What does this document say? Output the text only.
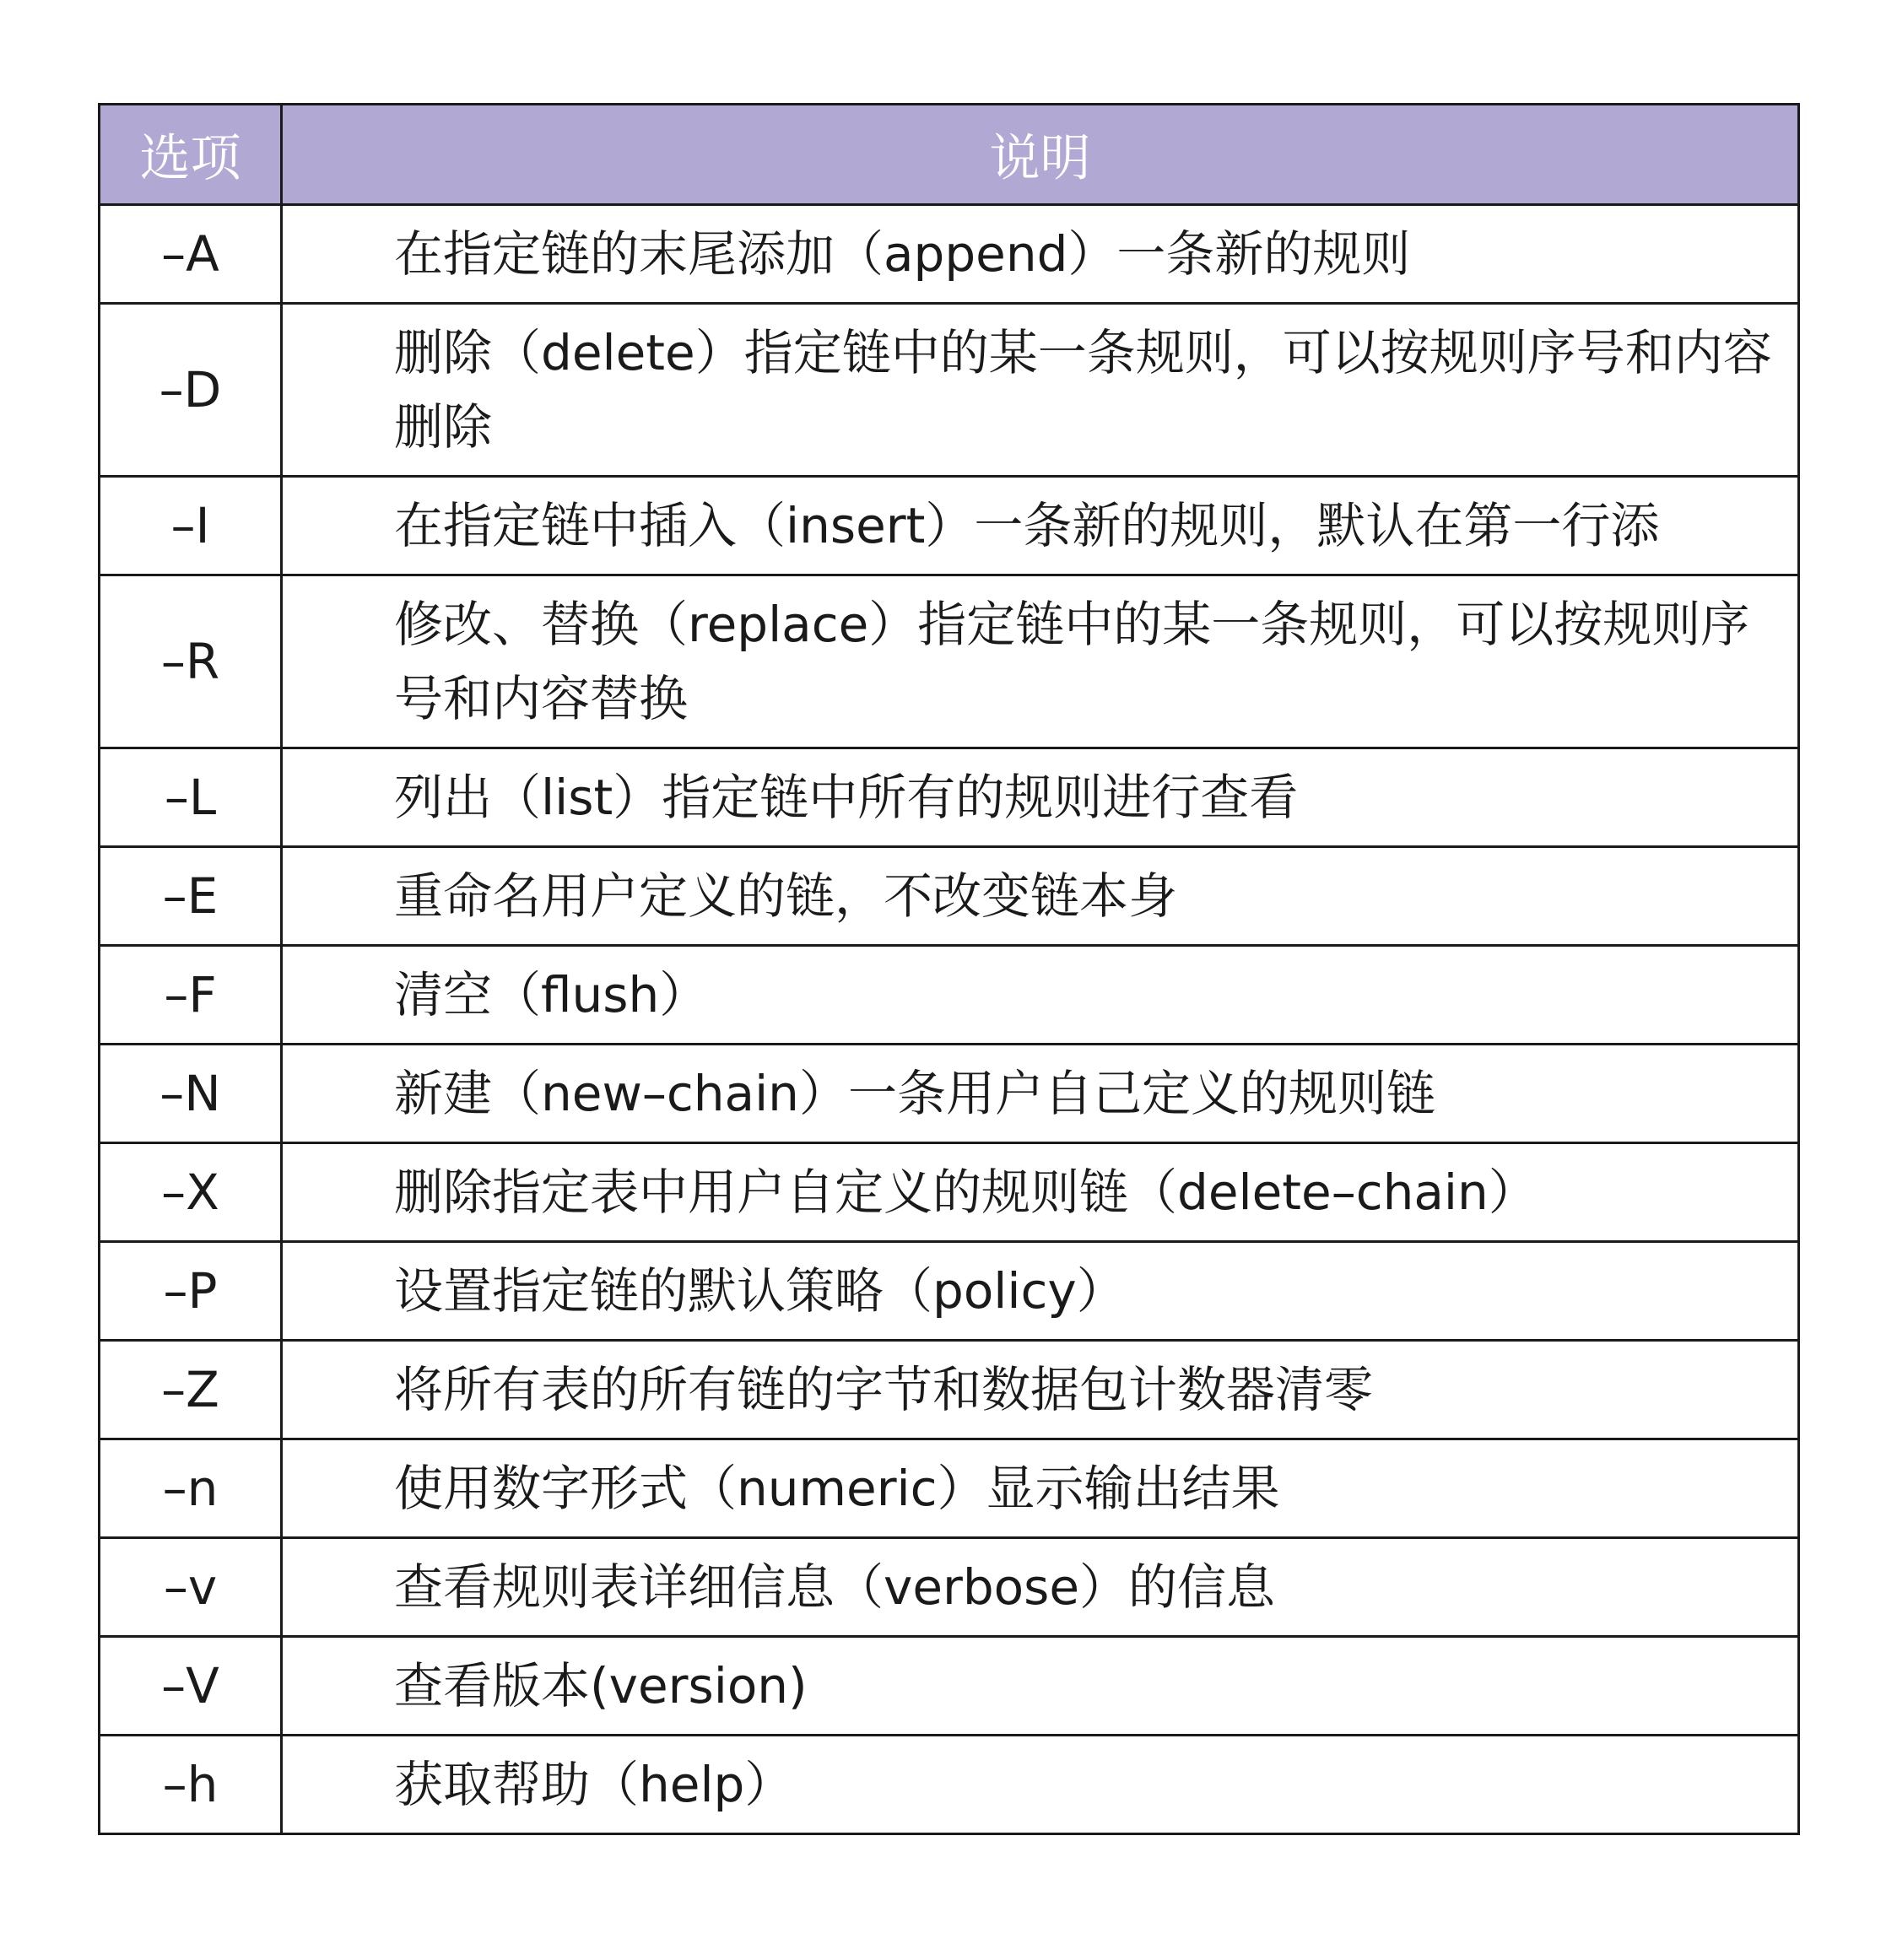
选项	说明
–A	在指定链的末尾添加（append）一条新的规则
–D	删除（delete）指定链中的某一条规则，可以按规则序号和内容删除
–I	在指定链中插入（insert）一条新的规则，默认在第一行添
–R	修改、替换（replace）指定链中的某一条规则，可以按规则序号和内容替换
–L	列出（list）指定链中所有的规则进行查看
–E	重命名用户定义的链，不改变链本身
–F	清空（flush）
–N	新建（new–chain）一条用户自己定义的规则链
–X	删除指定表中用户自定义的规则链（delete–chain）
–P	设置指定链的默认策略（policy）
–Z	将所有表的所有链的字节和数据包计数器清零
–n	使用数字形式（numeric）显示输出结果
–v	查看规则表详细信息（verbose）的信息
–V	查看版本(version)
–h	获取帮助（help）
